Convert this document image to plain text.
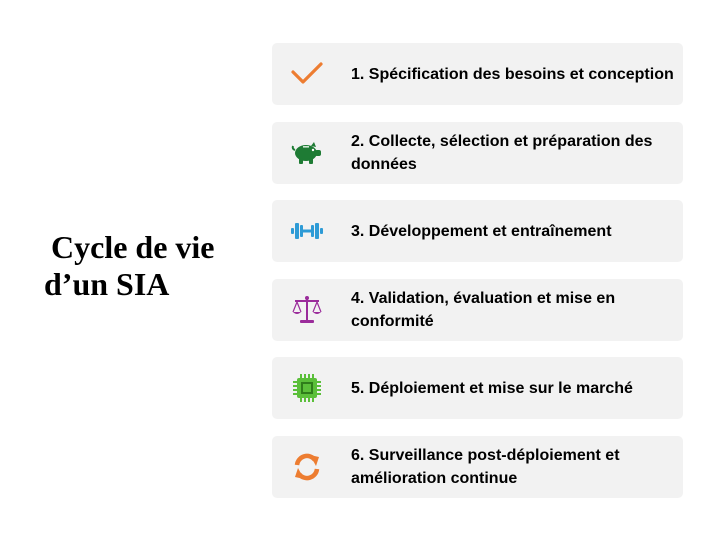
Cycle de vie
d’un SIA
1. Spécification des besoins et conception
2. Collecte, sélection et préparation des données
3. Développement et entraînement
4. Validation, évaluation et mise en conformité
5. Déploiement et mise sur le marché
6. Surveillance post-déploiement et amélioration continue
